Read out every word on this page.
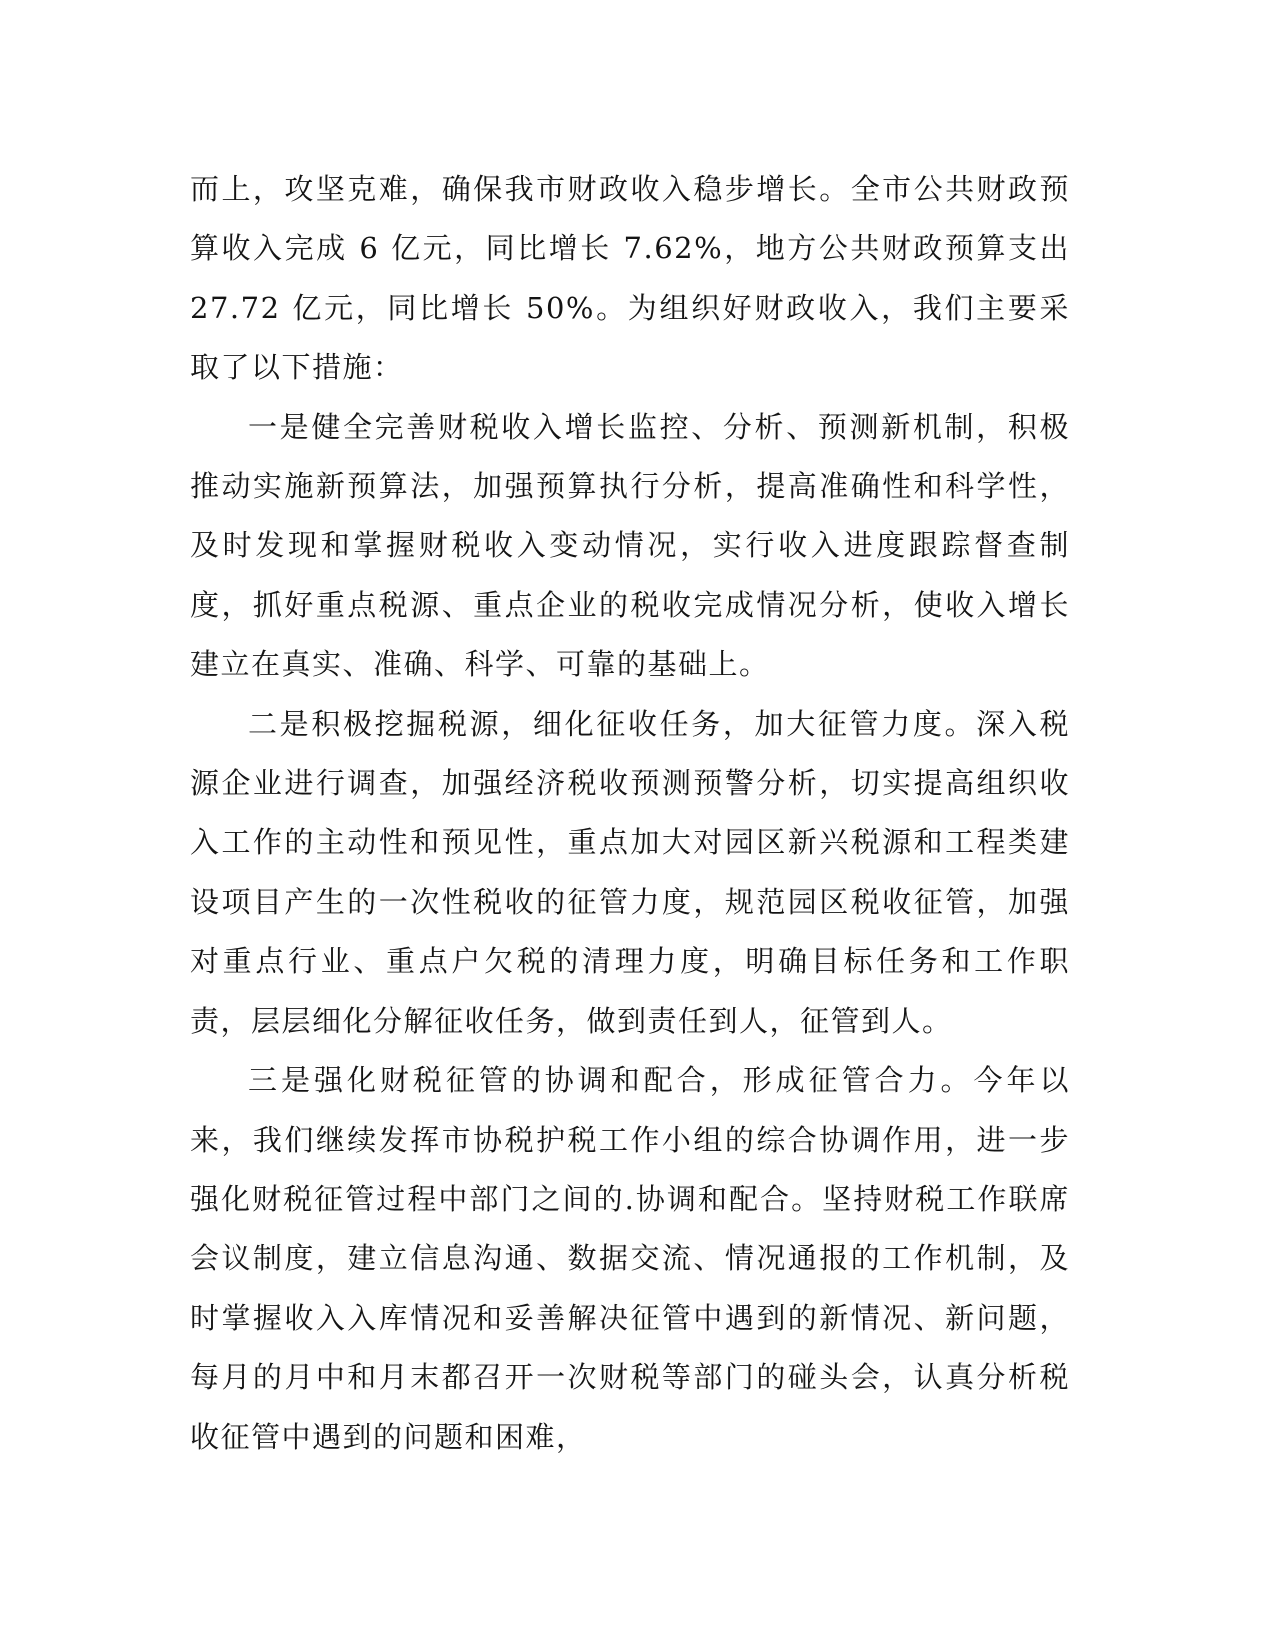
而上，攻坚克难，确保我市财政收入稳步增长。全市公共财政预算收入完成 6 亿元，同比增长 7.62%，地方公共财政预算支出 27.72 亿元，同比增长 50%。为组织好财政收入，我们主要采取了以下措施：

一是健全完善财税收入增长监控、分析、预测新机制，积极推动实施新预算法，加强预算执行分析，提高准确性和科学性，及时发现和掌握财税收入变动情况，实行收入进度跟踪督查制度，抓好重点税源、重点企业的税收完成情况分析，使收入增长建立在真实、准确、科学、可靠的基础上。

二是积极挖掘税源，细化征收任务，加大征管力度。深入税源企业进行调查，加强经济税收预测预警分析，切实提高组织收入工作的主动性和预见性，重点加大对园区新兴税源和工程类建设项目产生的一次性税收的征管力度，规范园区税收征管，加强对重点行业、重点户欠税的清理力度，明确目标任务和工作职责，层层细化分解征收任务，做到责任到人，征管到人。

三是强化财税征管的协调和配合，形成征管合力。今年以来，我们继续发挥市协税护税工作小组的综合协调作用，进一步强化财税征管过程中部门之间的.协调和配合。坚持财税工作联席会议制度，建立信息沟通、数据交流、情况通报的工作机制，及时掌握收入入库情况和妥善解决征管中遇到的新情况、新问题，每月的月中和月末都召开一次财税等部门的碰头会，认真分析税收征管中遇到的问题和困难，
